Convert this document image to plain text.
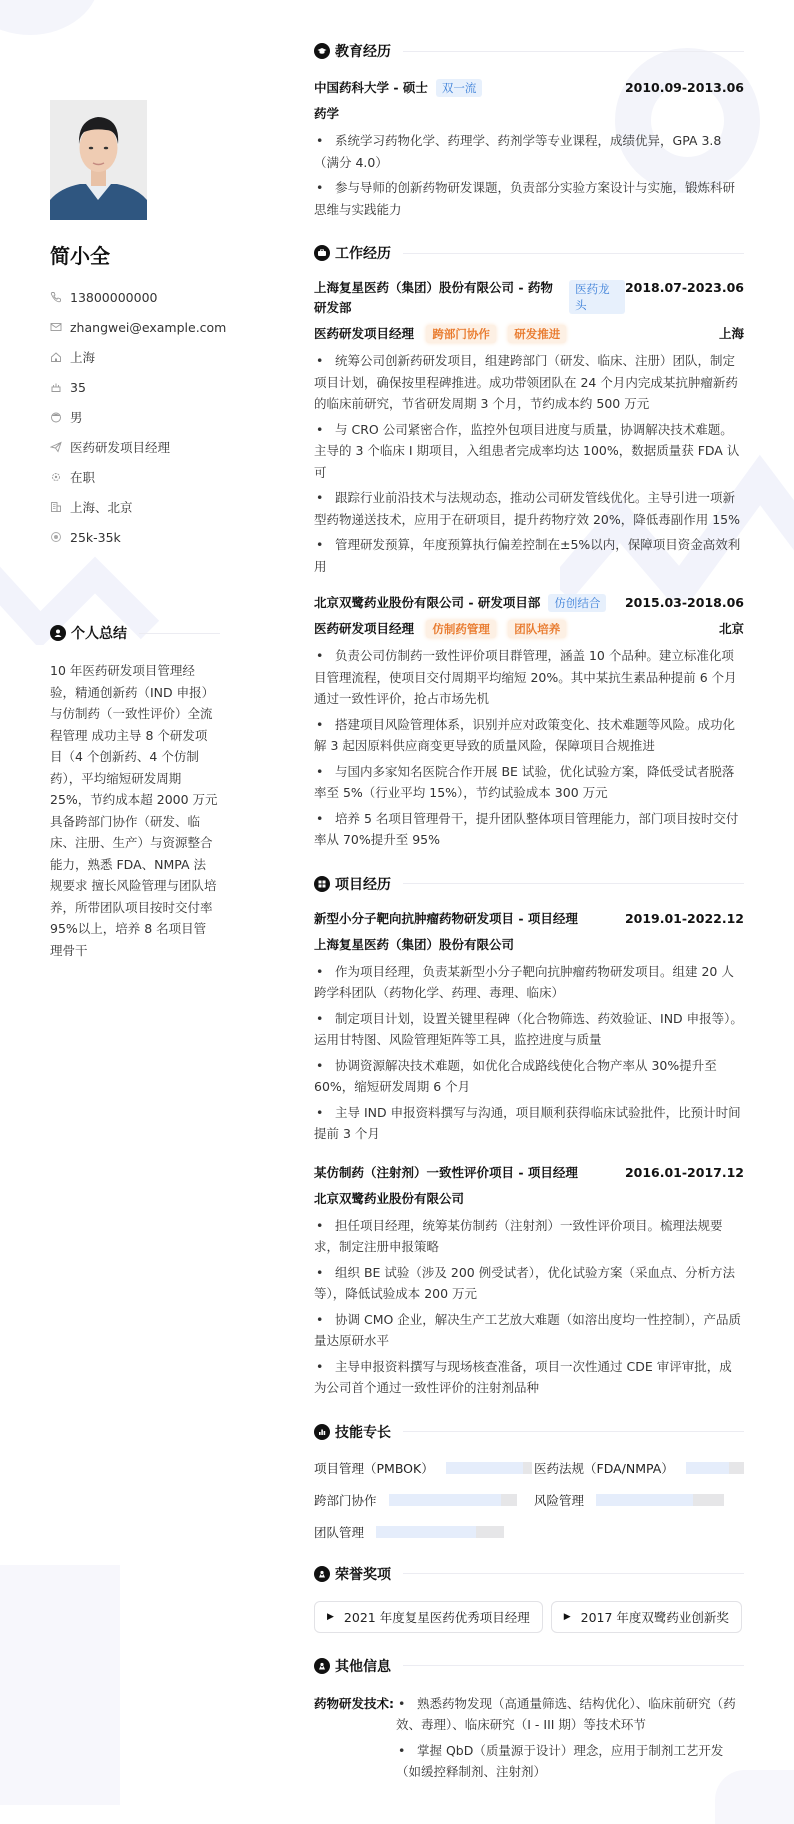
简小全
13800000000
zhangwei@example.com
上海
35
男
医药研发项目经理
在职
上海、北京
25k-35k
个人总结

10 年医药研发项目管理经验，精通创新药（IND 申报）与仿制药（一致性评价）全流程管理 成功主导 8 个研发项目（4 个创新药、4 个仿制药），平均缩短研发周期 25%，节约成本超 2000 万元 具备跨部门协作（研发、临床、注册、生产）与资源整合能力，熟悉 FDA、NMPA 法规要求 擅长风险管理与团队培养，所带团队项目按时交付率 95%以上，培养 8 名项目管理骨干

教育经历
中国药科大学 - 硕士 双一流	2010.09-2013.06
药学
• 系统学习药物化学、药理学、药剂学等专业课程，成绩优异，GPA 3.8（满分 4.0）
• 参与导师的创新药物研发课题，负责部分实验方案设计与实施，锻炼科研思维与实践能力
工作经历
上海复星医药（集团）股份有限公司 - 药物研发部
医药龙头
2018.07-2023.06
医药研发项目经理 跨部门协作 研发推进	上海
• 统筹公司创新药研发项目，组建跨部门（研发、临床、注册）团队，制定项目计划，确保按里程碑推进。成功带领团队在 24 个月内完成某抗肿瘤新药的临床前研究，节省研发周期 3 个月，节约成本约 500 万元
• 与 CRO 公司紧密合作，监控外包项目进度与质量，协调解决技术难题。主导的 3 个临床 I 期项目，入组患者完成率均达 100%，数据质量获 FDA 认可
• 跟踪行业前沿技术与法规动态，推动公司研发管线优化。主导引进一项新型药物递送技术，应用于在研项目，提升药物疗效 20%，降低毒副作用 15%
• 管理研发预算，年度预算执行偏差控制在±5%以内，保障项目资金高效利用
北京双鹭药业股份有限公司 - 研发项目部 仿创结合	2015.03-2018.06
医药研发项目经理 仿制药管理 团队培养	北京
• 负责公司仿制药一致性评价项目群管理，涵盖 10 个品种。建立标准化项目管理流程，使项目交付周期平均缩短 20%。其中某抗生素品种提前 6 个月通过一致性评价，抢占市场先机
• 搭建项目风险管理体系，识别并应对政策变化、技术难题等风险。成功化解 3 起因原料供应商变更导致的质量风险，保障项目合规推进
• 与国内多家知名医院合作开展 BE 试验，优化试验方案，降低受试者脱落率至 5%（行业平均 15%），节约试验成本 300 万元
• 培养 5 名项目管理骨干，提升团队整体项目管理能力，部门项目按时交付率从 70%提升至 95%
项目经历
新型小分子靶向抗肿瘤药物研发项目 - 项目经理	2019.01-2022.12
上海复星医药（集团）股份有限公司
• 作为项目经理，负责某新型小分子靶向抗肿瘤药物研发项目。组建 20 人跨学科团队（药物化学、药理、毒理、临床）
• 制定项目计划，设置关键里程碑（化合物筛选、药效验证、IND 申报等）。运用甘特图、风险管理矩阵等工具，监控进度与质量
• 协调资源解决技术难题，如优化合成路线使化合物产率从 30%提升至 60%，缩短研发周期 6 个月
• 主导 IND 申报资料撰写与沟通，项目顺利获得临床试验批件，比预计时间提前 3 个月
某仿制药（注射剂）一致性评价项目 - 项目经理	2016.01-2017.12
北京双鹭药业股份有限公司
• 担任项目经理，统筹某仿制药（注射剂）一致性评价项目。梳理法规要求，制定注册申报策略
• 组织 BE 试验（涉及 200 例受试者），优化试验方案（采血点、分析方法等），降低试验成本 200 万元
• 协调 CMO 企业，解决生产工艺放大难题（如溶出度均一性控制），产品质量达原研水平
• 主导申报资料撰写与现场核查准备，项目一次性通过 CDE 审评审批，成为公司首个通过一致性评价的注射剂品种
技能专长
项目管理（PMBOK）	医药法规（FDA/NMPA）
跨部门协作	风险管理
团队管理
荣誉奖项
▶ 2021 年度复星医药优秀项目经理	▶ 2017 年度双鹭药业创新奖
其他信息
药物研发技术:	• 熟悉药物发现（高通量筛选、结构优化）、临床前研究（药效、毒理）、临床研究（I - III 期）等技术环节
• 掌握 QbD（质量源于设计）理念，应用于制剂工艺开发（如缓控释制剂、注射剂）
